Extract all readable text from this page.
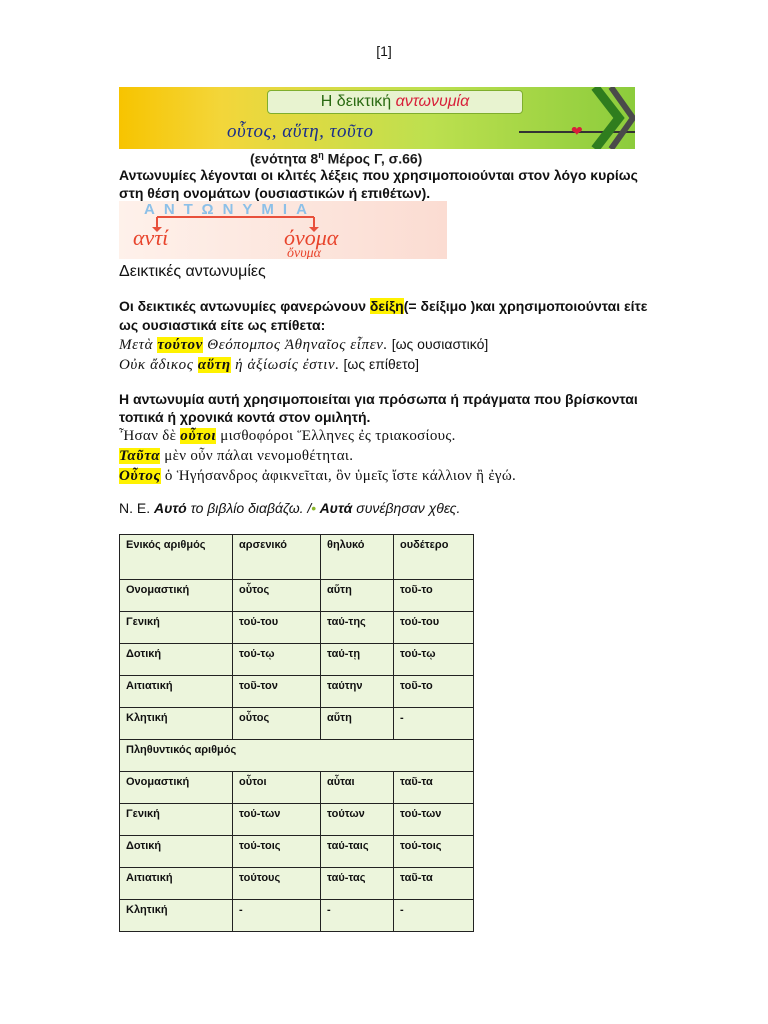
[1]
Η δεικτική αντωνυμία
οὗτος, αὕτη, τοῦτο	❤
(ενότητα $8^\eta$ Μέρος Γ, σ.66)
Αντωνυμίες λέγονται οι κλιτές λέξεις που χρησιμοποιούνται στον λόγο κυρίως
στη θέση ονομάτων (ουσιαστικών ή επιθέτων).
ΑΝΤΩΝΥΜΙΑ
αντί	όνομα
ὄνυμα
Δεικτικές αντωνυμίες
Οι δεικτικές αντωνυμίες φανερώνουν δείξη(= δείξιμο )και χρησιμοποιούνται είτε
ως ουσιαστικά είτε ως επίθετα:
Μετὰ τούτον Θεόπομπος Ἀθηναῖος εἶπεν. [ως ουσιαστικό]
Οὐκ ἄδικος αὕτη ἡ ἀξίωσίς ἐστιν. [ως επίθετο]
Η αντωνυμία αυτή χρησιμοποιείται για πρόσωπα ή πράγματα που βρίσκονται
τοπικά ή χρονικά κοντά στον ομιλητή.
Ἦσαν δὲ οὗτοι μισθοφόροι Ἕλληνες ἐς τριακοσίους.
Ταῦτα μὲν οὖν πάλαι νενομοθέτηται.
Οὗτος ὁ Ἡγήσανδρος ἀφικνεῖται, ὃν ὑμεῖς ἴστε κάλλιον ἢ ἐγώ.
Ν. Ε. Αυτό το βιβλίο διαβάζω. /• Αυτά συνέβησαν χθες.
Ενικός αριθμός	αρσενικό	θηλυκό	ουδέτερο
Ονομαστική	οὗτος	αὕτη	τοῦ-το
Γενική	τού-του	ταύ-της	τού-του
Δοτική	τού-τῳ	ταύ-τῃ	τού-τῳ
Αιτιατική	τοῦ-τον	ταύτην	τοῦ-το
Κλητική	οὗτος	αὕτη	-
Πληθυντικός αριθμός			
Ονομαστική	οὗτοι	αὗται	ταῦ-τα
Γενική	τού-των	τούτων	τού-των
Δοτική	τού-τοις	ταύ-ταις	τού-τοις
Αιτιατική	τούτους	ταύ-τας	ταῦ-τα
Κλητική	-	-	-
